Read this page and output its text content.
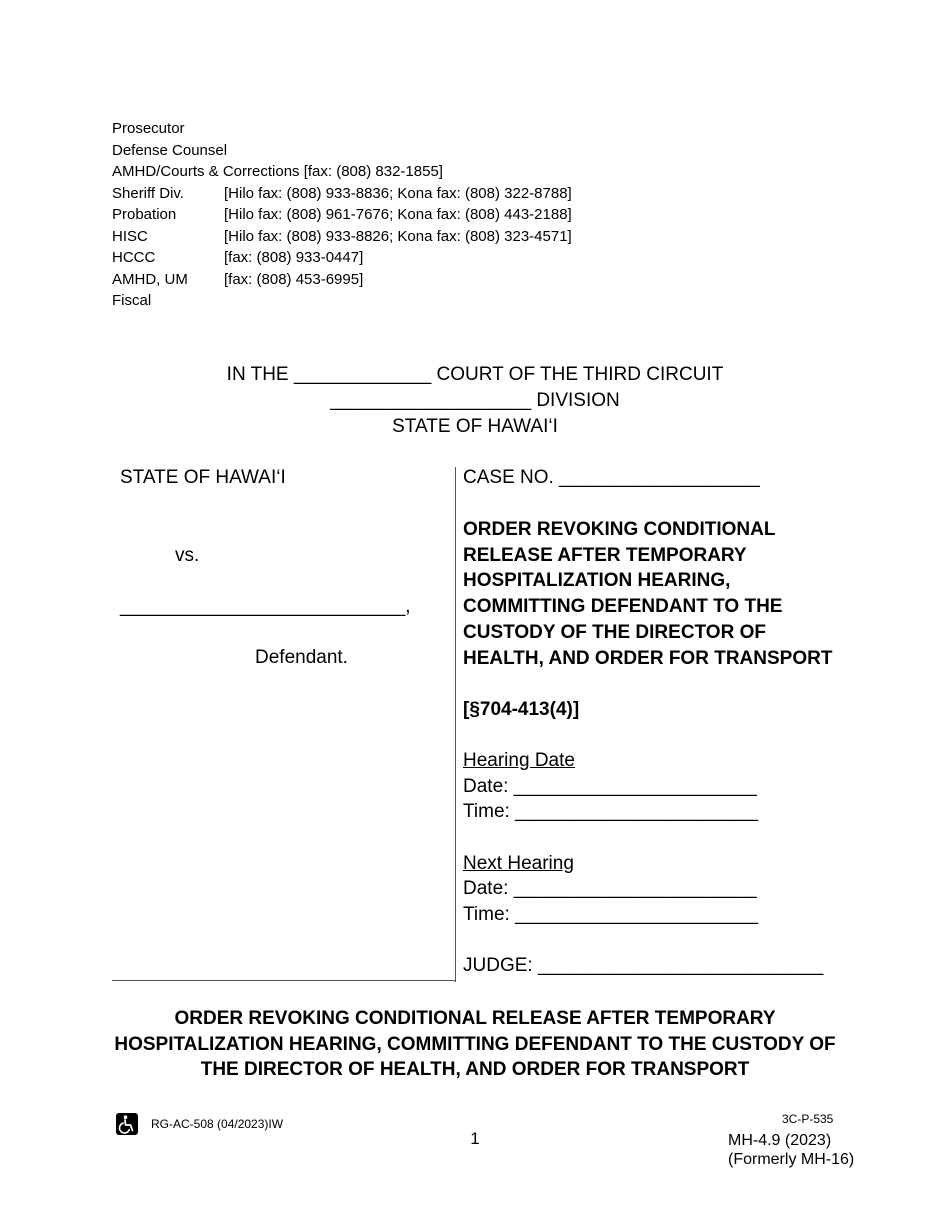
Prosecutor
Defense Counsel
AMHD/Courts & Corrections [fax: (808) 832-1855]
Sheriff Div.	[Hilo fax: (808) 933-8836; Kona fax: (808) 322-8788]
Probation	[Hilo fax: (808) 961-7676; Kona fax: (808) 443-2188]
HISC	[Hilo fax: (808) 933-8826; Kona fax: (808) 323-4571]
HCCC	[fax: (808) 933-0447]
AMHD, UM [fax: (808) 453-6995]
Fiscal
IN THE _____________ COURT OF THE THIRD CIRCUIT
___________________ DIVISION
STATE OF HAWAI‘I
STATE OF HAWAI‘I
vs.
___________________________,
Defendant.
CASE NO. ___________________
ORDER REVOKING CONDITIONAL
RELEASE AFTER TEMPORARY
HOSPITALIZATION HEARING,
COMMITTING DEFENDANT TO THE
CUSTODY OF THE DIRECTOR OF
HEALTH, AND ORDER FOR TRANSPORT
[§704-413(4)]
Hearing Date
Date: _______________________
Time: _______________________
Next Hearing
Date: _______________________
Time: _______________________
JUDGE: ___________________________
ORDER REVOKING CONDITIONAL RELEASE AFTER TEMPORARY
HOSPITALIZATION HEARING, COMMITTING DEFENDANT TO THE CUSTODY OF
THE DIRECTOR OF HEALTH, AND ORDER FOR TRANSPORT
RG-AC-508 (04/2023)IW
1
3C-P-535
MH-4.9 (2023)
(Formerly MH-16)
